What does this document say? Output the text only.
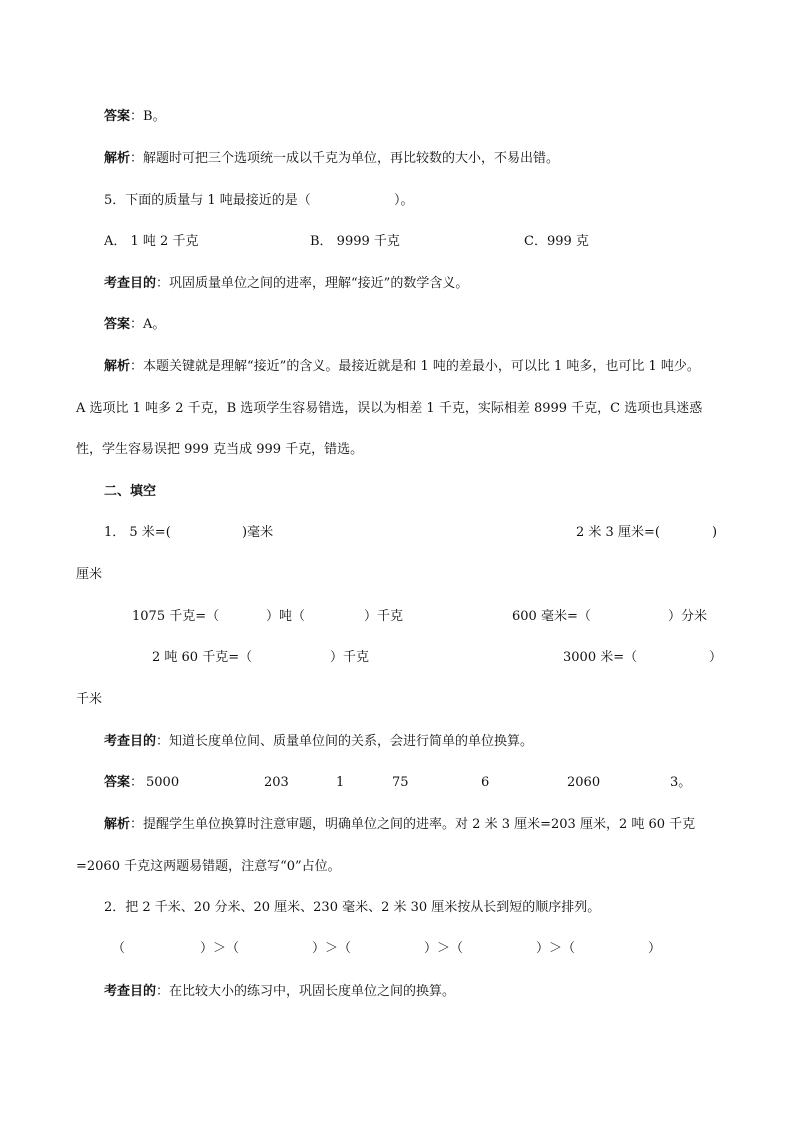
答案：B。
解析：解题时可把三个选项统一成以千克为单位，再比较数的大小，不易出错。
5．下面的质量与 1 吨最接近的是（	）。
A． 1 吨 2 千克	B． 9999 千克	C．999 克
考查目的：巩固质量单位之间的进率，理解“接近”的数学含义。
答案：A。
解析：本题关键就是理解“接近”的含义。最接近就是和 1 吨的差最小，可以比 1 吨多，也可比 1 吨少。
A 选项比 1 吨多 2 千克，B 选项学生容易错选，误以为相差 1 千克，实际相差 8999 千克，C 选项也具迷惑
性，学生容易误把 999 克当成 999 千克，错选。
二、填空
1． 5 米=(	)毫米	2 米 3 厘米=(	)
厘米
1075 千克=（	）吨（	）千克	600 毫米=（	）分米
2 吨 60 千克=（	）千克	3000 米=（	）
千米
考查目的：知道长度单位间、质量单位间的关系，会进行简单的单位换算。
答案： 5000	203	1	75	6	2060	3。
解析：提醒学生单位换算时注意审题，明确单位之间的进率。对 2 米 3 厘米=203 厘米，2 吨 60 千克
=2060 千克这两题易错题，注意写“0”占位。
2．把 2 千米、20 分米、20 厘米、230 毫米、2 米 30 厘米按从长到短的顺序排列。
（	）＞（	）＞（	）＞（	）＞（	）
考查目的：在比较大小的练习中，巩固长度单位之间的换算。
